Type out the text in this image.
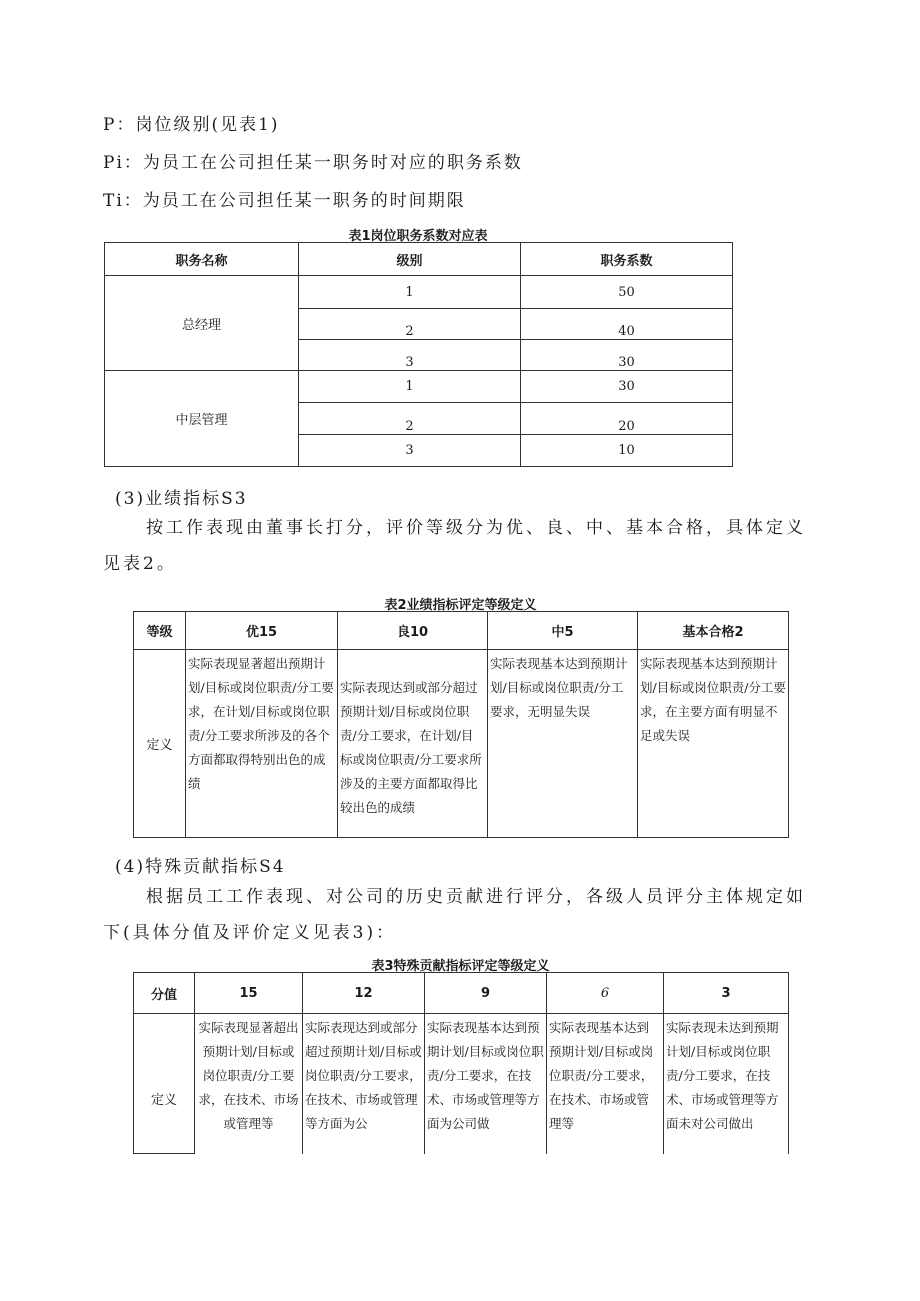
P：岗位级别(见表1)
Pi：为员工在公司担任某一职务时对应的职务系数
Ti：为员工在公司担任某一职务的时间期限
表1岗位职务系数对应表
职务名称	级别	职务系数
总经理	1	50
	2	40
	3	30
中层管理	1	30
	2	20
	3	10
(3)业绩指标S3
按工作表现由董事长打分，评价等级分为优、良、中、基本合格，具体定义
见表2。
表2业绩指标评定等级定义
等级	优15	良10	中5	基本合格2
定义	实际表现显著超出预期计划/目标或岗位职责/分工要求，在计划/目标或岗位职责/分工要求所涉及的各个方面都取得特别出色的成绩	实际表现达到或部分超过预期计划/目标或岗位职责/分工要求，在计划/目标或岗位职责/分工要求所涉及的主要方面都取得比较出色的成绩	实际表现基本达到预期计划/目标或岗位职责/分工要求，无明显失误	实际表现基本达到预期计划/目标或岗位职责/分工要求，在主要方面有明显不足或失误
(4)特殊贡献指标S4
根据员工工作表现、对公司的历史贡献进行评分，各级人员评分主体规定如
下(具体分值及评价定义见表3)：
表3特殊贡献指标评定等级定义
分值	15	12	9	6	3
定义	实际表现显著超出预期计划/目标或岗位职责/分工要求，在技术、市场或管理等	实际表现达到或部分超过预期计划/目标或岗位职责/分工要求，在技术、市场或管理等方面为公	实际表现基本达到预期计划/目标或岗位职责/分工要求，在技术、市场或管理等方面为公司做	实际表现基本达到预期计划/目标或岗位职责/分工要求，在技术、市场或管理等	实际表现未达到预期计划/目标或岗位职责/分工要求，在技术、市场或管理等方面未对公司做出
